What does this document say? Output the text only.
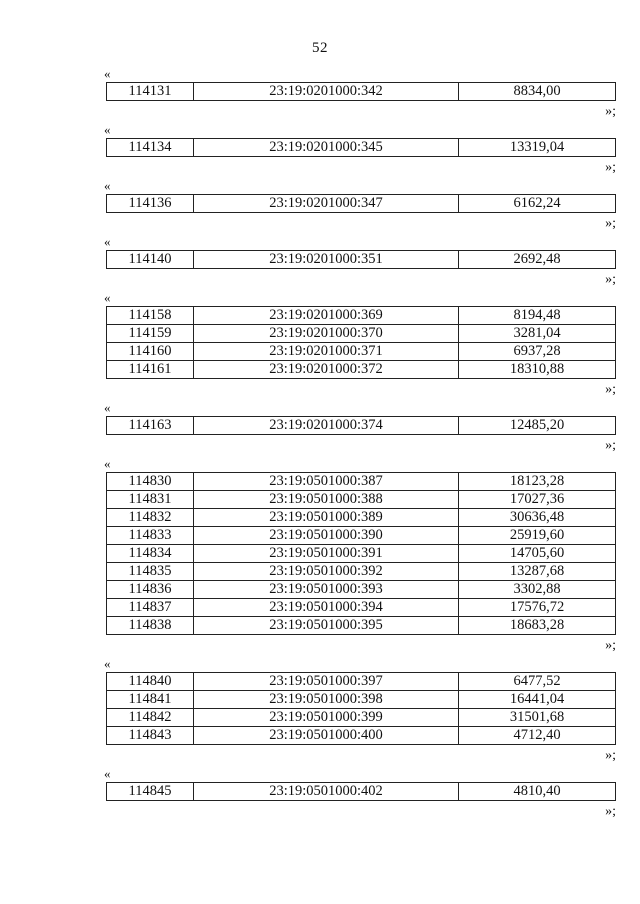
52
«
114131	23:19:0201000:342	8834,00
»;
«
114134	23:19:0201000:345	13319,04
»;
«
114136	23:19:0201000:347	6162,24
»;
«
114140	23:19:0201000:351	2692,48
»;
«
114158	23:19:0201000:369	8194,48
114159	23:19:0201000:370	3281,04
114160	23:19:0201000:371	6937,28
114161	23:19:0201000:372	18310,88
»;
«
114163	23:19:0201000:374	12485,20
»;
«
114830	23:19:0501000:387	18123,28
114831	23:19:0501000:388	17027,36
114832	23:19:0501000:389	30636,48
114833	23:19:0501000:390	25919,60
114834	23:19:0501000:391	14705,60
114835	23:19:0501000:392	13287,68
114836	23:19:0501000:393	3302,88
114837	23:19:0501000:394	17576,72
114838	23:19:0501000:395	18683,28
»;
«
114840	23:19:0501000:397	6477,52
114841	23:19:0501000:398	16441,04
114842	23:19:0501000:399	31501,68
114843	23:19:0501000:400	4712,40
»;
«
114845	23:19:0501000:402	4810,40
»;
